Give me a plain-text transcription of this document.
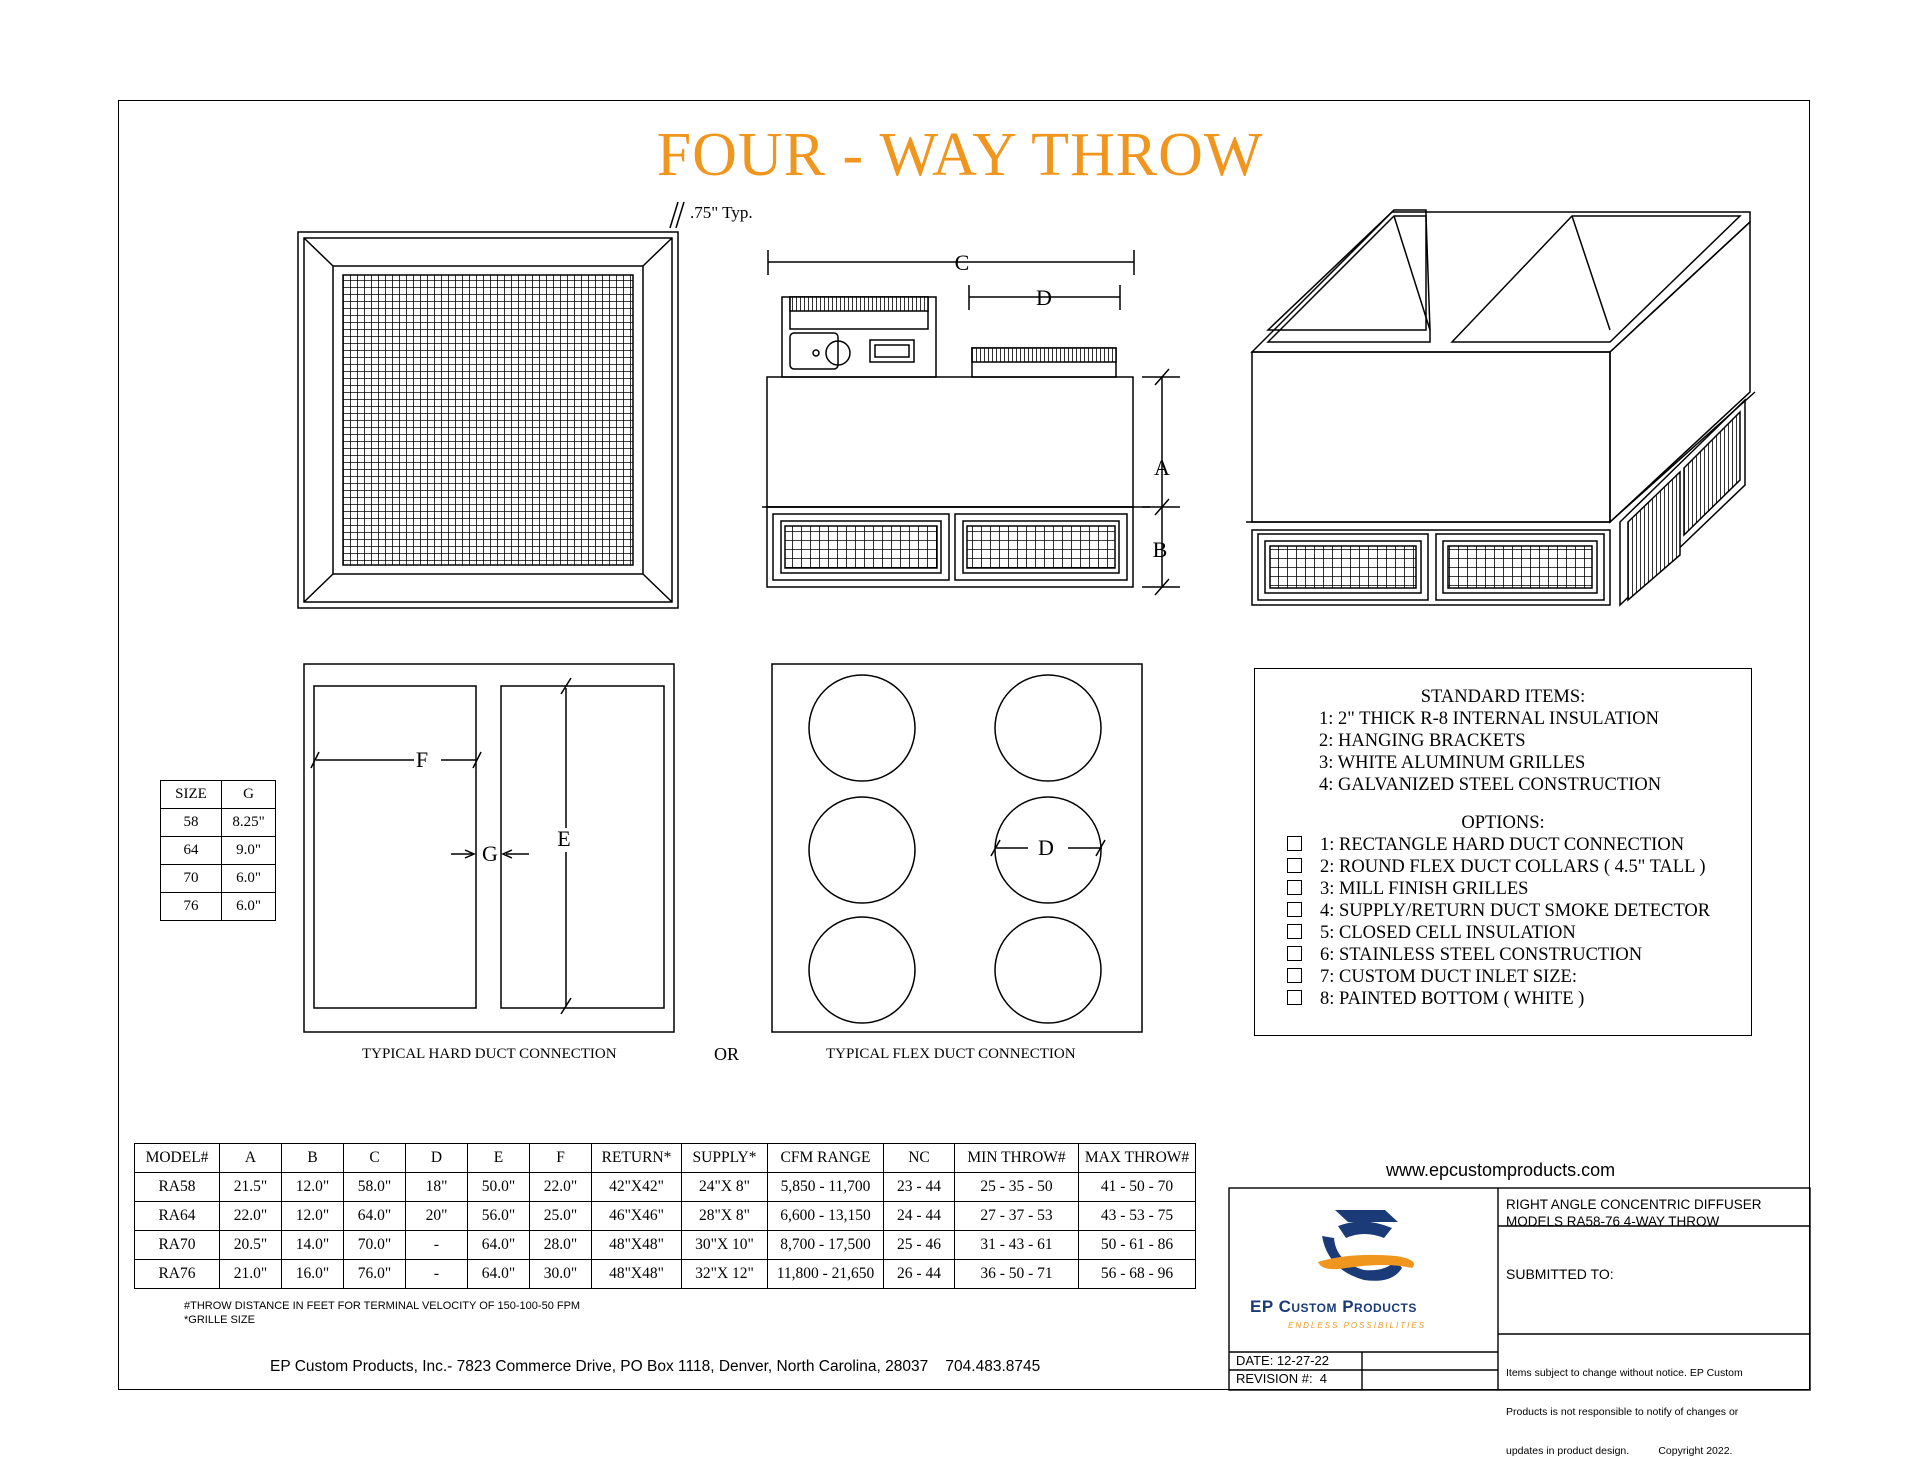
FOUR - WAY THROW
.75" Typ.
C
D
A
B
F
G
E	D
SIZE	G
58	8.25"
64	9.0"
70	6.0"
76	6.0"
TYPICAL HARD DUCT CONNECTION	OR	TYPICAL FLEX DUCT CONNECTION
STANDARD ITEMS:
1: 2" THICK R-8 INTERNAL INSULATION
2: HANGING BRACKETS
3: WHITE ALUMINUM GRILLES
4: GALVANIZED STEEL CONSTRUCTION
OPTIONS:
1: RECTANGLE HARD DUCT CONNECTION
2: ROUND FLEX DUCT COLLARS ( 4.5" TALL )
3: MILL FINISH GRILLES
4: SUPPLY/RETURN DUCT SMOKE DETECTOR
5: CLOSED CELL INSULATION
6: STAINLESS STEEL CONSTRUCTION
7: CUSTOM DUCT INLET SIZE:
8: PAINTED BOTTOM ( WHITE )
MODEL#	A	B	C	D	E	F	RETURN*	SUPPLY*	CFM RANGE	NC	MIN THROW#	MAX THROW#
RA58	21.5"	12.0"	58.0"	18"	50.0"	22.0"	42"X42"	24"X 8"	5,850 - 11,700	23 - 44	25 - 35 - 50	41 - 50 - 70
RA64	22.0"	12.0"	64.0"	20"	56.0"	25.0"	46"X46"	28"X 8"	6,600 - 13,150	24 - 44	27 - 37 - 53	43 - 53 - 75
RA70	20.5"	14.0"	70.0"	-	64.0"	28.0"	48"X48"	30"X 10"	8,700 - 17,500	25 - 46	31 - 43 - 61	50 - 61 - 86
RA76	21.0"	16.0"	76.0"	-	64.0"	30.0"	48"X48"	32"X 12"	11,800 - 21,650	26 - 44	36 - 50 - 71	56 - 68 - 96
#THROW DISTANCE IN FEET FOR TERMINAL VELOCITY OF 150-100-50 FPM
*GRILLE SIZE
EP Custom Products, Inc.- 7823 Commerce Drive, PO Box 1118, Denver, North Carolina, 28037    704.483.8745
www.epcustomproducts.com
EP Custom Products
ENDLESS POSSIBILITIES
RIGHT ANGLE CONCENTRIC DIFFUSER
MODELS RA58-76 4-WAY THROW
SUBMITTED TO:

Items subject to change without notice. EP Custom

Products is not responsible to notify of changes or

updates in product design.          Copyright 2022.

DATE: 12-27-22
REVISION #:  4
